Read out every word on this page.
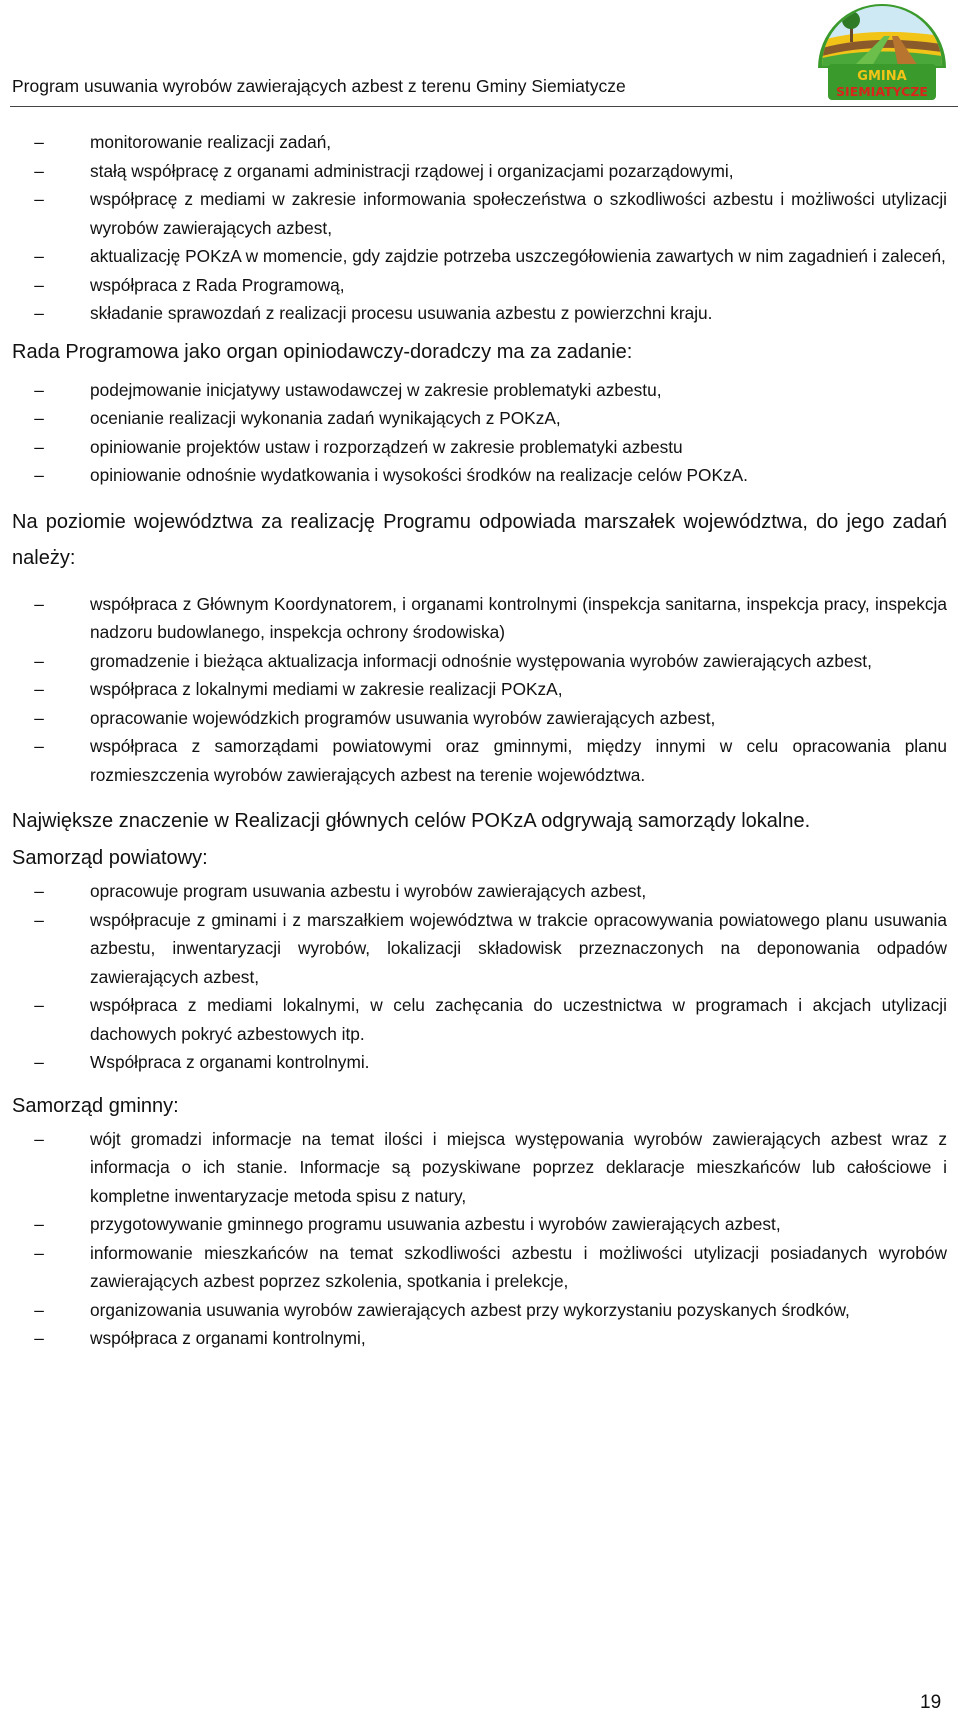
Program usuwania wyrobów zawierających azbest z terenu Gminy Siemiatycze	GMINA
SIEMIATYCZE
–	monitorowanie realizacji zadań,
–	stałą współpracę z organami administracji rządowej i organizacjami pozarządowymi,
–	współpracę z mediami w zakresie informowania społeczeństwa o szkodliwości azbestu i możliwości utylizacji wyrobów zawierających azbest,
–	aktualizację POKzA w momencie, gdy zajdzie potrzeba uszczegółowienia zawartych w nim zagadnień i zaleceń,
–	współpraca z Rada Programową,
–	składanie sprawozdań z realizacji procesu usuwania azbestu z powierzchni kraju.

Rada Programowa jako organ opiniodawczy-doradczy ma za zadanie:

–	podejmowanie inicjatywy ustawodawczej w zakresie problematyki azbestu,
–	ocenianie realizacji wykonania zadań wynikających z POKzA,
–	opiniowanie projektów ustaw i rozporządzeń w zakresie problematyki azbestu
–	opiniowanie odnośnie wydatkowania i wysokości środków na realizacje celów POKzA.

Na poziomie województwa za realizację Programu odpowiada marszałek województwa, do jego zadań należy:

–	współpraca z Głównym Koordynatorem, i organami kontrolnymi (inspekcja sanitarna, inspekcja pracy, inspekcja nadzoru budowlanego, inspekcja ochrony środowiska)
–	gromadzenie i bieżąca aktualizacja informacji odnośnie występowania wyrobów zawierających azbest,
–	współpraca z lokalnymi mediami w zakresie realizacji POKzA,
–	opracowanie wojewódzkich programów usuwania wyrobów zawierających azbest,
–	współpraca z samorządami powiatowymi oraz gminnymi, między innymi w celu opracowania planu rozmieszczenia wyrobów zawierających azbest na terenie województwa.

Największe znaczenie w Realizacji głównych celów POKzA odgrywają samorządy lokalne.

Samorząd powiatowy:

–	opracowuje program usuwania azbestu i wyrobów zawierających azbest,
–	współpracuje z gminami i z marszałkiem województwa w trakcie opracowywania powiatowego planu usuwania azbestu, inwentaryzacji wyrobów, lokalizacji składowisk przeznaczonych na deponowania odpadów zawierających azbest,
–	współpraca z mediami lokalnymi, w celu zachęcania do uczestnictwa w programach i akcjach utylizacji dachowych pokryć azbestowych itp.
–	Współpraca z organami kontrolnymi.

Samorząd gminny:

–	wójt gromadzi informacje na temat ilości i miejsca występowania wyrobów zawierających azbest wraz z informacja o ich stanie. Informacje są pozyskiwane poprzez deklaracje mieszkańców lub całościowe i kompletne inwentaryzacje metoda spisu z natury,
–	przygotowywanie gminnego programu usuwania azbestu i wyrobów zawierających azbest,
–	informowanie mieszkańców na temat szkodliwości azbestu i możliwości utylizacji posiadanych wyrobów zawierających azbest poprzez szkolenia, spotkania i prelekcje,
–	organizowania usuwania wyrobów zawierających azbest przy wykorzystaniu pozyskanych środków,
–	współpraca z organami kontrolnymi,
19
